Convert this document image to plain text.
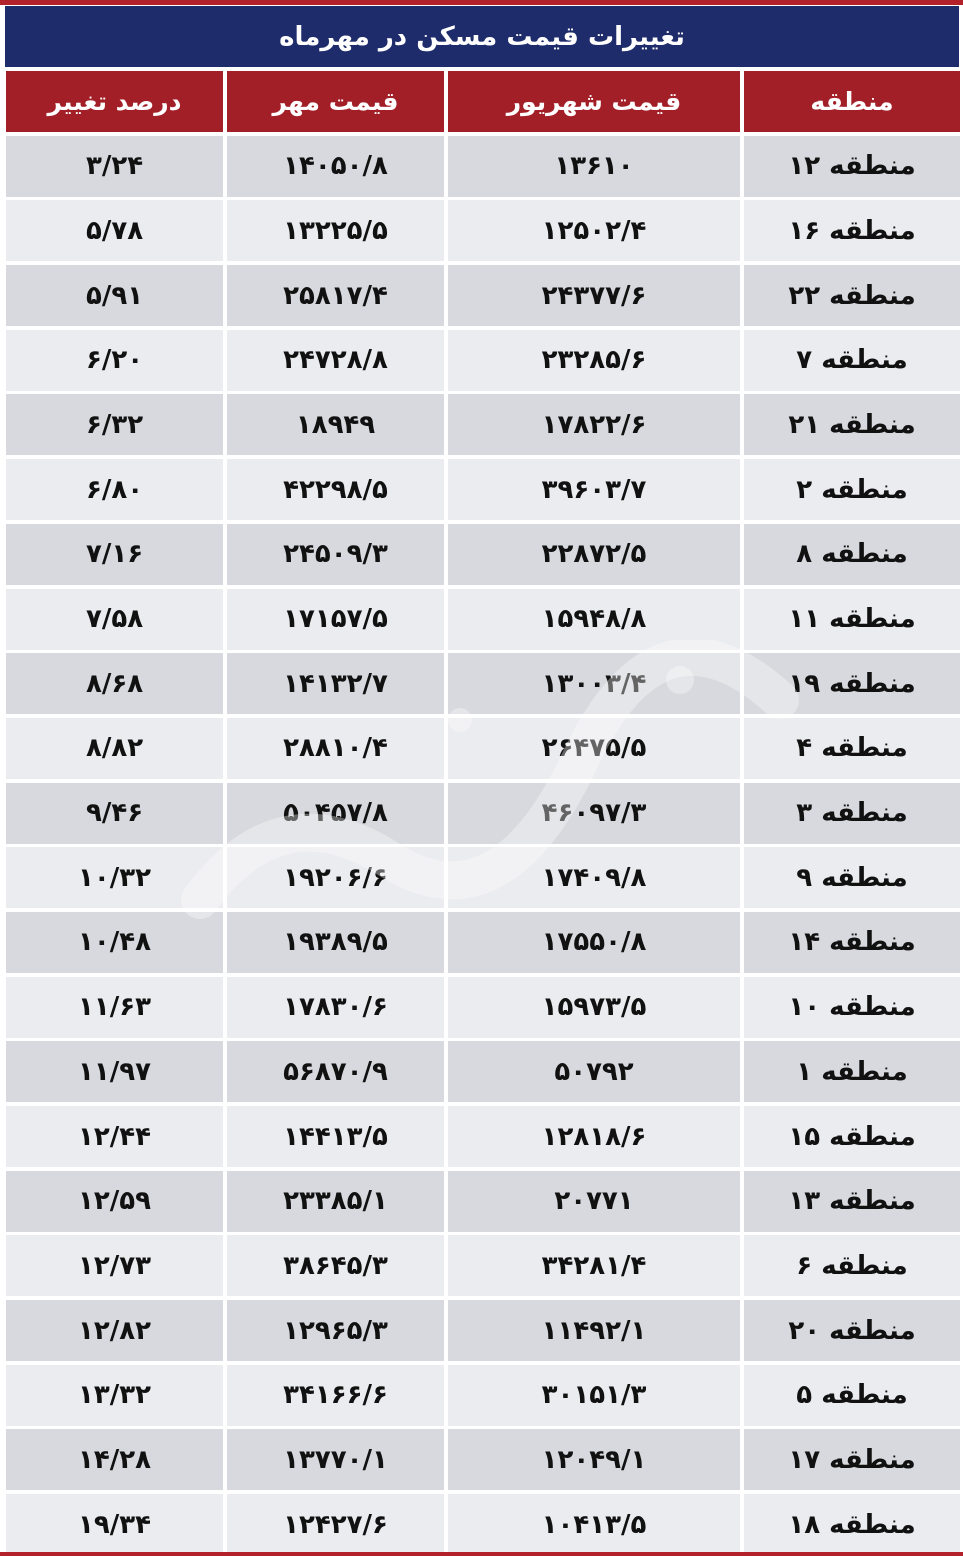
تغییرات قیمت مسکن در مهرماه
منطقه
قیمت شهریور
قیمت مهر
درصد تغییر
منطقه ۱۲
۱۳۶۱۰
۱۴۰۵۰/۸
۳/۲۴
منطقه ۱۶
۱۲۵۰۲/۴
۱۳۲۲۵/۵
۵/۷۸
منطقه ۲۲
۲۴۳۷۷/۶
۲۵۸۱۷/۴
۵/۹۱
منطقه ۷
۲۳۲۸۵/۶
۲۴۷۲۸/۸
۶/۲۰
منطقه ۲۱
۱۷۸۲۲/۶
۱۸۹۴۹
۶/۳۲
منطقه ۲
۳۹۶۰۳/۷
۴۲۲۹۸/۵
۶/۸۰
منطقه ۸
۲۲۸۷۲/۵
۲۴۵۰۹/۳
۷/۱۶
منطقه ۱۱
۱۵۹۴۸/۸
۱۷۱۵۷/۵
۷/۵۸
منطقه ۱۹
۱۳۰۰۳/۴
۱۴۱۳۲/۷
۸/۶۸
منطقه ۴
۲۶۴۷۵/۵
۲۸۸۱۰/۴
۸/۸۲
منطقه ۳
۴۶۰۹۷/۳
۵۰۴۵۷/۸
۹/۴۶
منطقه ۹
۱۷۴۰۹/۸
۱۹۲۰۶/۶
۱۰/۳۲
منطقه ۱۴
۱۷۵۵۰/۸
۱۹۳۸۹/۵
۱۰/۴۸
منطقه ۱۰
۱۵۹۷۳/۵
۱۷۸۳۰/۶
۱۱/۶۳
منطقه ۱
۵۰۷۹۲
۵۶۸۷۰/۹
۱۱/۹۷
منطقه ۱۵
۱۲۸۱۸/۶
۱۴۴۱۳/۵
۱۲/۴۴
منطقه ۱۳
۲۰۷۷۱
۲۳۳۸۵/۱
۱۲/۵۹
منطقه ۶
۳۴۲۸۱/۴
۳۸۶۴۵/۳
۱۲/۷۳
منطقه ۲۰
۱۱۴۹۲/۱
۱۲۹۶۵/۳
۱۲/۸۲
منطقه ۵
۳۰۱۵۱/۳
۳۴۱۶۶/۶
۱۳/۳۲
منطقه ۱۷
۱۲۰۴۹/۱
۱۳۷۷۰/۱
۱۴/۲۸
منطقه ۱۸
۱۰۴۱۳/۵
۱۲۴۲۷/۶
۱۹/۳۴
